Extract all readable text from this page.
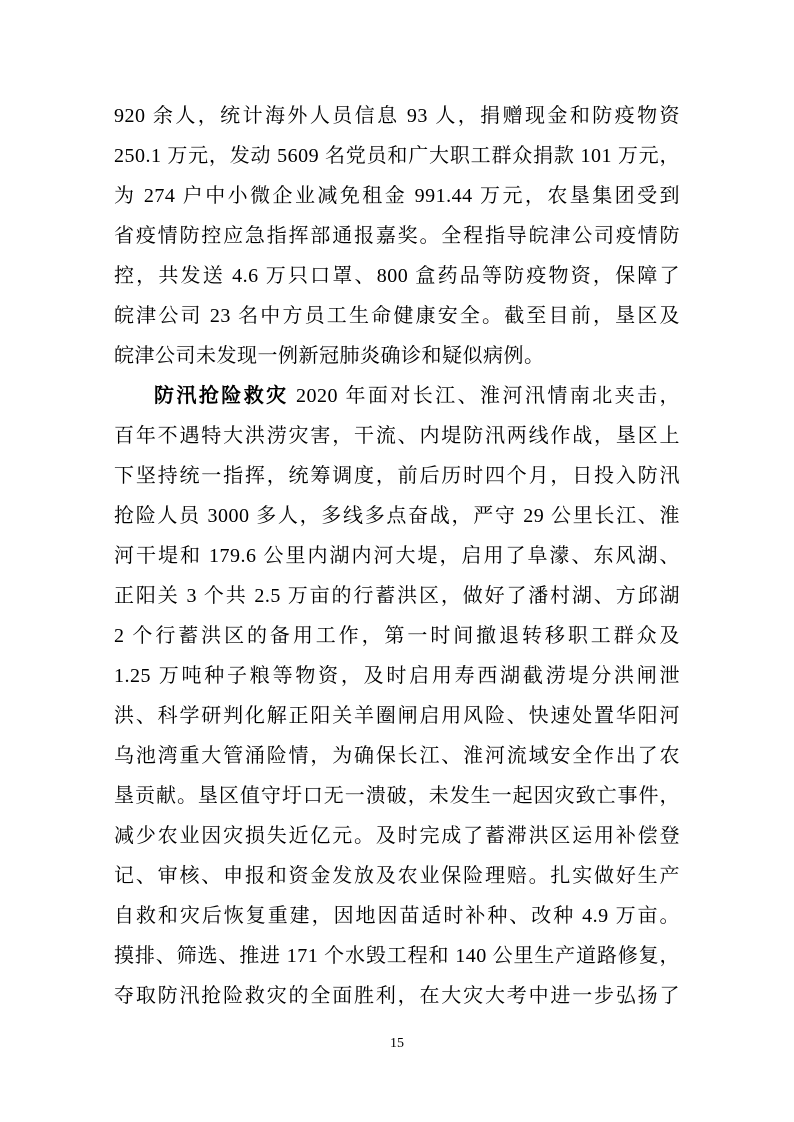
920 余人，统计海外人员信息 93 人，捐赠现金和防疫物资
250.1 万元，发动 5609 名党员和广大职工群众捐款 101 万元，
为 274 户中小微企业减免租金 991.44 万元，农垦集团受到
省疫情防控应急指挥部通报嘉奖。全程指导皖津公司疫情防
控，共发送 4.6 万只口罩、800 盒药品等防疫物资，保障了
皖津公司 23 名中方员工生命健康安全。截至目前，垦区及
皖津公司未发现一例新冠肺炎确诊和疑似病例。
防汛抢险救灾 2020 年面对长江、淮河汛情南北夹击，
百年不遇特大洪涝灾害，干流、内堤防汛两线作战，垦区上
下坚持统一指挥，统筹调度，前后历时四个月，日投入防汛
抢险人员 3000 多人，多线多点奋战，严守 29 公里长江、淮
河干堤和 179.6 公里内湖内河大堤，启用了阜濛、东风湖、
正阳关 3 个共 2.5 万亩的行蓄洪区，做好了潘村湖、方邱湖
2 个行蓄洪区的备用工作，第一时间撤退转移职工群众及
1.25 万吨种子粮等物资，及时启用寿西湖截涝堤分洪闸泄
洪、科学研判化解正阳关羊圈闸启用风险、快速处置华阳河
乌池湾重大管涌险情，为确保长江、淮河流域安全作出了农
垦贡献。垦区值守圩口无一溃破，未发生一起因灾致亡事件，
减少农业因灾损失近亿元。及时完成了蓄滞洪区运用补偿登
记、审核、申报和资金发放及农业保险理赔。扎实做好生产
自救和灾后恢复重建，因地因苗适时补种、改种 4.9 万亩。
摸排、筛选、推进 171 个水毁工程和 140 公里生产道路修复，
夺取防汛抢险救灾的全面胜利，在大灾大考中进一步弘扬了
15
